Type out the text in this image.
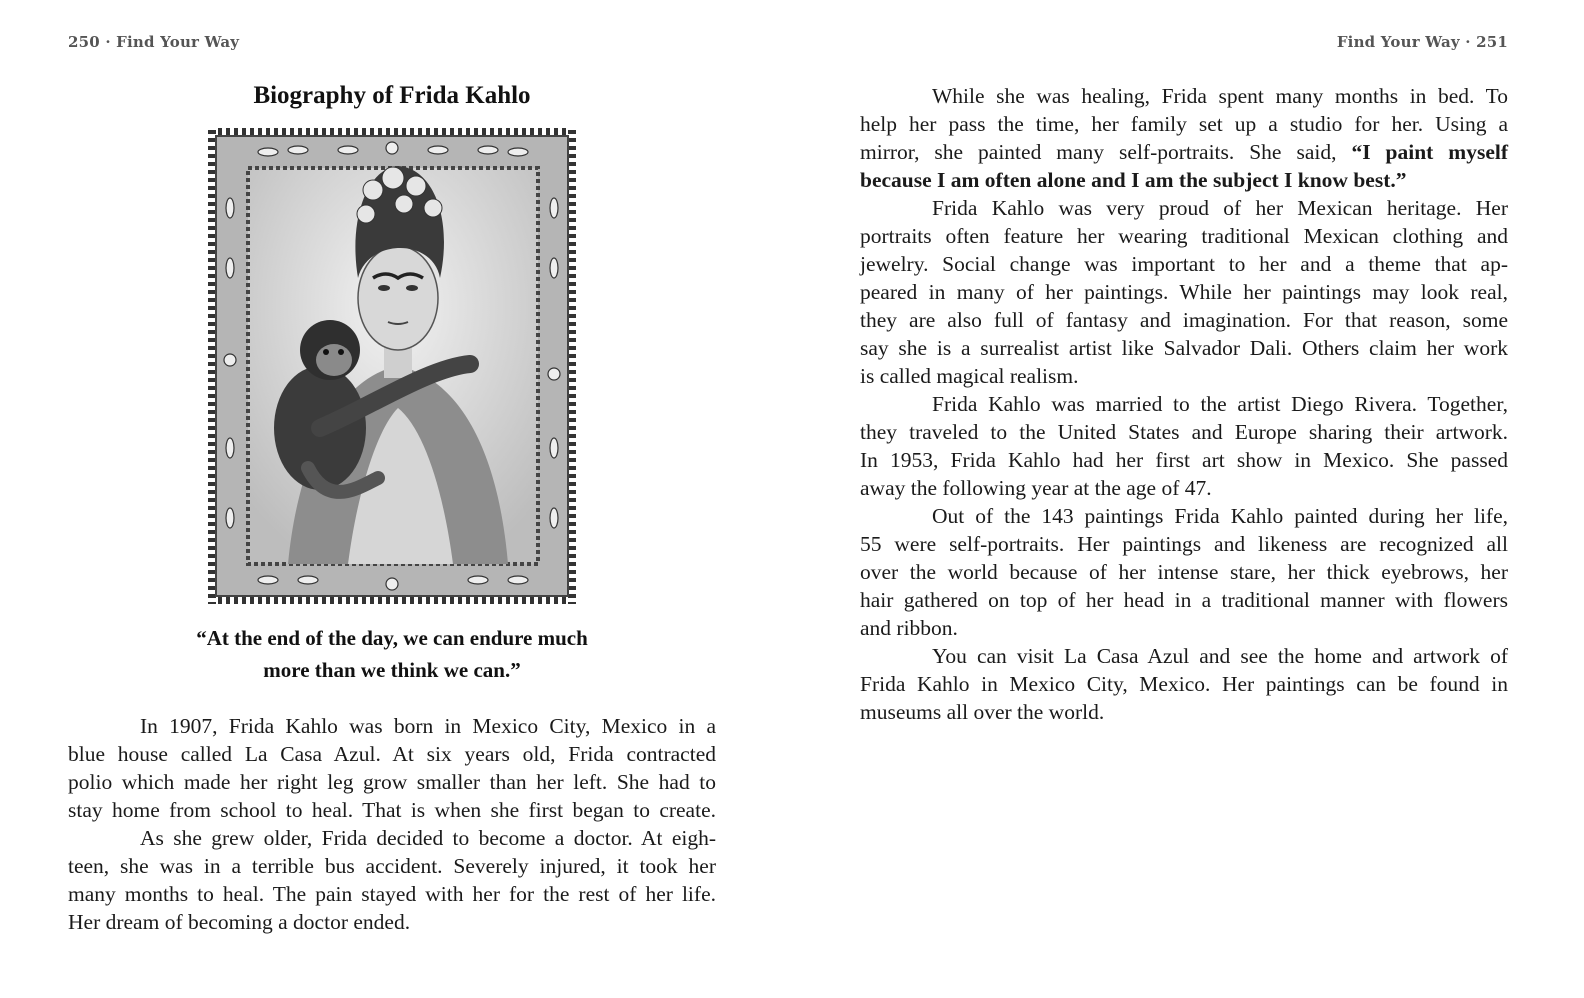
250 · Find Your Way
Biography of Frida Kahlo
“At the end of the day, we can endure much
more than we think we can.”
In 1907, Frida Kahlo was born in Mexico City, Mexico in a
blue house called La Casa Azul. At six years old, Frida contracted
polio which made her right leg grow smaller than her left. She had to
stay home from school to heal. That is when she first began to create.
As she grew older, Frida decided to become a doctor. At eigh-
teen, she was in a terrible bus accident. Severely injured, it took her
many months to heal. The pain stayed with her for the rest of her life.
Her dream of becoming a doctor ended.
Find Your Way · 251
While she was healing, Frida spent many months in bed. To
help her pass the time, her family set up a studio for her. Using a
mirror, she painted many self-portraits. She said, “I paint myself
because I am often alone and I am the subject I know best.”
Frida Kahlo was very proud of her Mexican heritage. Her
portraits often feature her wearing traditional Mexican clothing and
jewelry. Social change was important to her and a theme that ap-
peared in many of her paintings. While her paintings may look real,
they are also full of fantasy and imagination. For that reason, some
say she is a surrealist artist like Salvador Dali. Others claim her work
is called magical realism.
Frida Kahlo was married to the artist Diego Rivera. Together,
they traveled to the United States and Europe sharing their artwork.
In 1953, Frida Kahlo had her first art show in Mexico. She passed
away the following year at the age of 47.
Out of the 143 paintings Frida Kahlo painted during her life,
55 were self-portraits. Her paintings and likeness are recognized all
over the world because of her intense stare, her thick eyebrows, her
hair gathered on top of her head in a traditional manner with flowers
and ribbon.
You can visit La Casa Azul and see the home and artwork of
Frida Kahlo in Mexico City, Mexico. Her paintings can be found in
museums all over the world.
